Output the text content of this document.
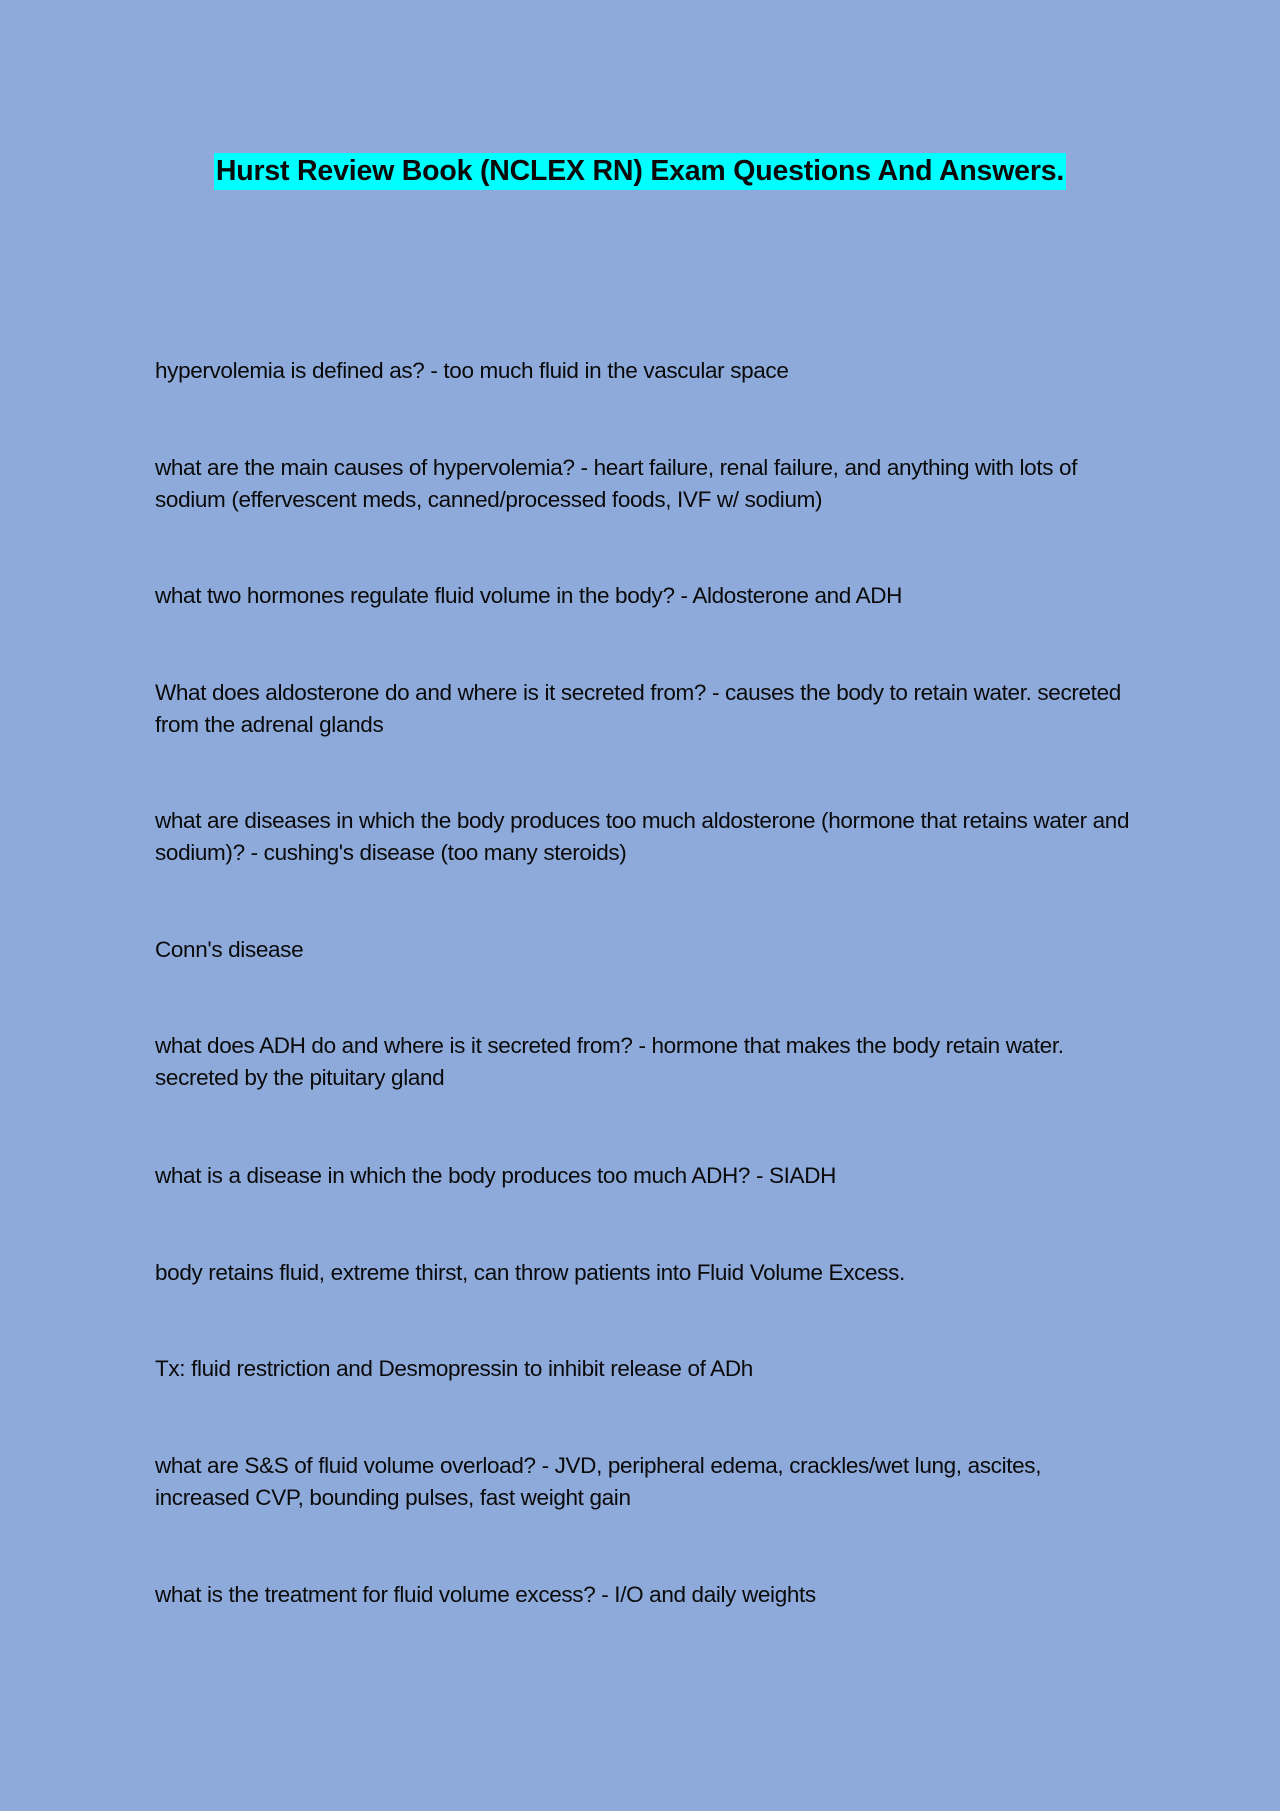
Hurst Review Book (NCLEX RN) Exam Questions And Answers.

hypervolemia is defined as? - too much fluid in the vascular space

what are the main causes of hypervolemia? - heart failure, renal failure, and anything with lots of sodium (effervescent meds, canned/processed foods, IVF w/ sodium)

what two hormones regulate fluid volume in the body? - Aldosterone and ADH

What does aldosterone do and where is it secreted from? - causes the body to retain water. secreted from the adrenal glands

what are diseases in which the body produces too much aldosterone (hormone that retains water and sodium)? - cushing's disease (too many steroids)

Conn's disease

what does ADH do and where is it secreted from? - hormone that makes the body retain water. secreted by the pituitary gland

what is a disease in which the body produces too much ADH? - SIADH

body retains fluid, extreme thirst, can throw patients into Fluid Volume Excess.

Tx: fluid restriction and Desmopressin to inhibit release of ADh

what are S&S of fluid volume overload? - JVD, peripheral edema, crackles/wet lung, ascites, increased CVP, bounding pulses, fast weight gain

what is the treatment for fluid volume excess? - I/O and daily weights
